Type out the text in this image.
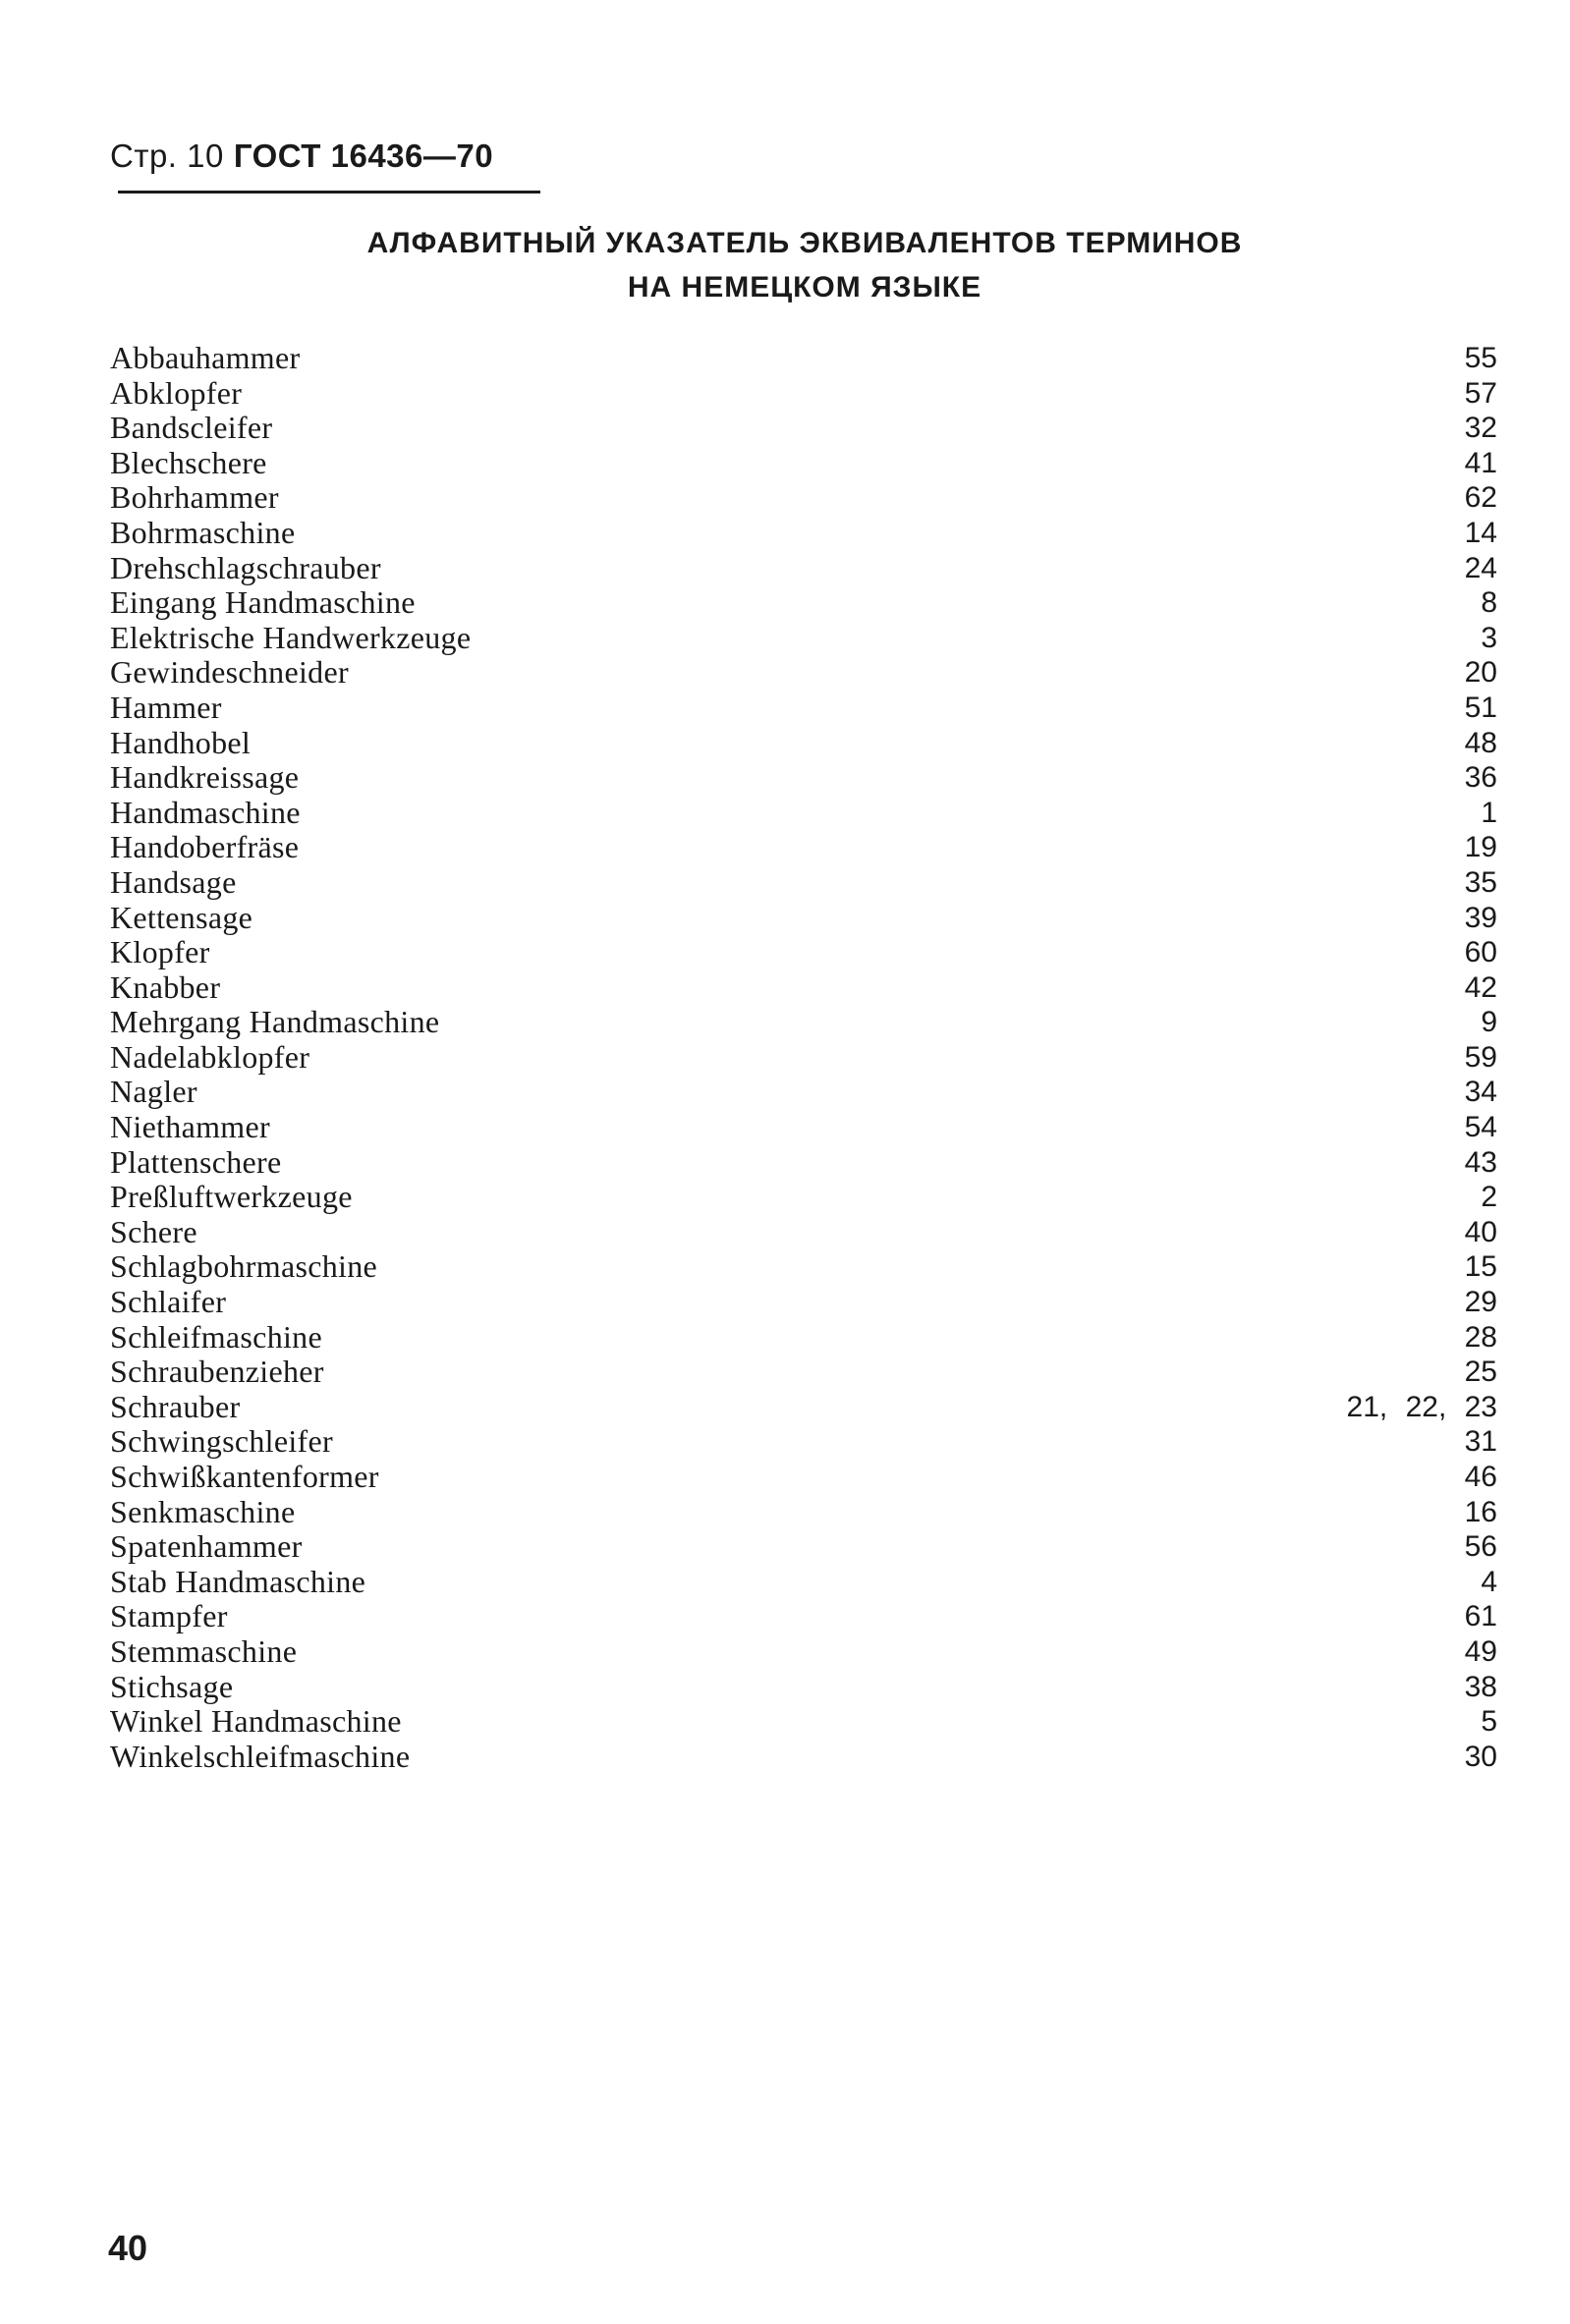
Стр. 10 ГОСТ 16436—70
АЛФАВИТНЫЙ УКАЗАТЕЛЬ ЭКВИВАЛЕНТОВ ТЕРМИНОВ
НА НЕМЕЦКОМ ЯЗЫКЕ
Abbauhammer	55
Abklopfer	57
Bandscleifer	32
Blechschere	41
Bohrhammer	62
Bohrmaschine	14
Drehschlagschrauber	24
Eingang Handmaschine	8
Elektrische Handwerkzeuge	3
Gewindeschneider	20
Hammer	51
Handhobel	48
Handkreissage	36
Handmaschine	1
Handoberfräse	19
Handsage	35
Kettensage	39
Klopfer	60
Knabber	42
Mehrgang Handmaschine	9
Nadelabklopfer	59
Nagler	34
Niethammer	54
Plattenschere	43
Preßluftwerkzeuge	2
Schere	40
Schlagbohrmaschine	15
Schlaifer	29
Schleifmaschine	28
Schraubenzieher	25
Schrauber	21, 22, 23
Schwingschleifer	31
Schwißkantenformer	46
Senkmaschine	16
Spatenhammer	56
Stab Handmaschine	4
Stampfer	61
Stemmaschine	49
Stichsage	38
Winkel Handmaschine	5
Winkelschleifmaschine	30
40
